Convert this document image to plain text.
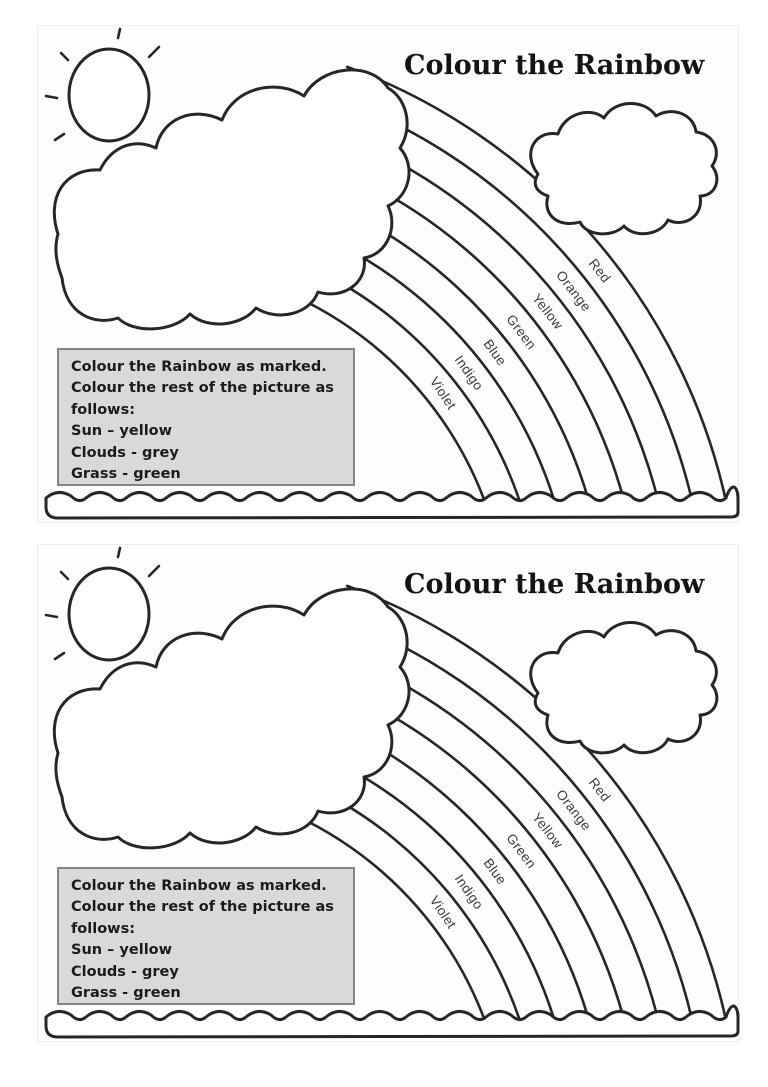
Red
Orange
Yellow
Green
Blue
Indigo
Violet
Colour the Rainbow
Colour the Rainbow as marked.
Colour the rest of the picture as
follows:
Sun – yellow
Clouds - grey
Grass - green
Red
Orange
Yellow
Green
Blue
Indigo
Violet
Colour the Rainbow
Colour the Rainbow as marked.
Colour the rest of the picture as
follows:
Sun – yellow
Clouds - grey
Grass - green
